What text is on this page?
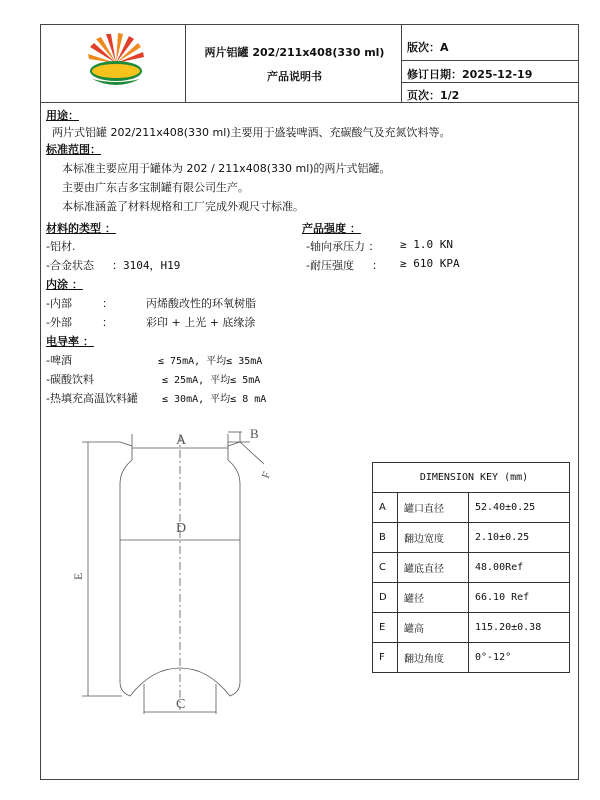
两片铝罐 202/211x408(330 ml)
产品说明书
版次：A
修订日期：2025-12-19
页次：1/2
用途：
两片式铝罐 202/211x408(330 ml)主要用于盛装啤酒、充碳酸气及充氮饮料等。
标准范围：
本标准主要应用于罐体为 202 / 211x408(330 ml)的两片式铝罐。
主要由广东吉多宝制罐有限公司生产。
本标准涵盖了材料规格和工厂完成外观尺寸标准。
材料的类型 ：
-铝材.
-合金状态 ：3104，H19
产品强度 ：
-轴向承压力 ： ≥ 1.0 KN
-耐压强度 ： ≥ 610 KPA
内涂 ：
-内部	：	丙烯酸改性的环氧树脂
-外部	：	彩印 + 上光 + 底缘涂
电导率 ：
-啤酒	≤ 75mA, 平均≤ 35mA
-碳酸饮料	≤ 25mA, 平均≤ 5mA
-热填充高温饮料罐 ≤ 30mA, 平均≤ 8 mA
A	B
D
E
F
C
DIMENSION KEY (mm)		
A	罐口直径	52.40±0.25
B	翻边宽度	2.10±0.25
C	罐底直径	48.00Ref
D	罐径	66.10 Ref
E	罐高	115.20±0.38
F	翻边角度	0°-12°
